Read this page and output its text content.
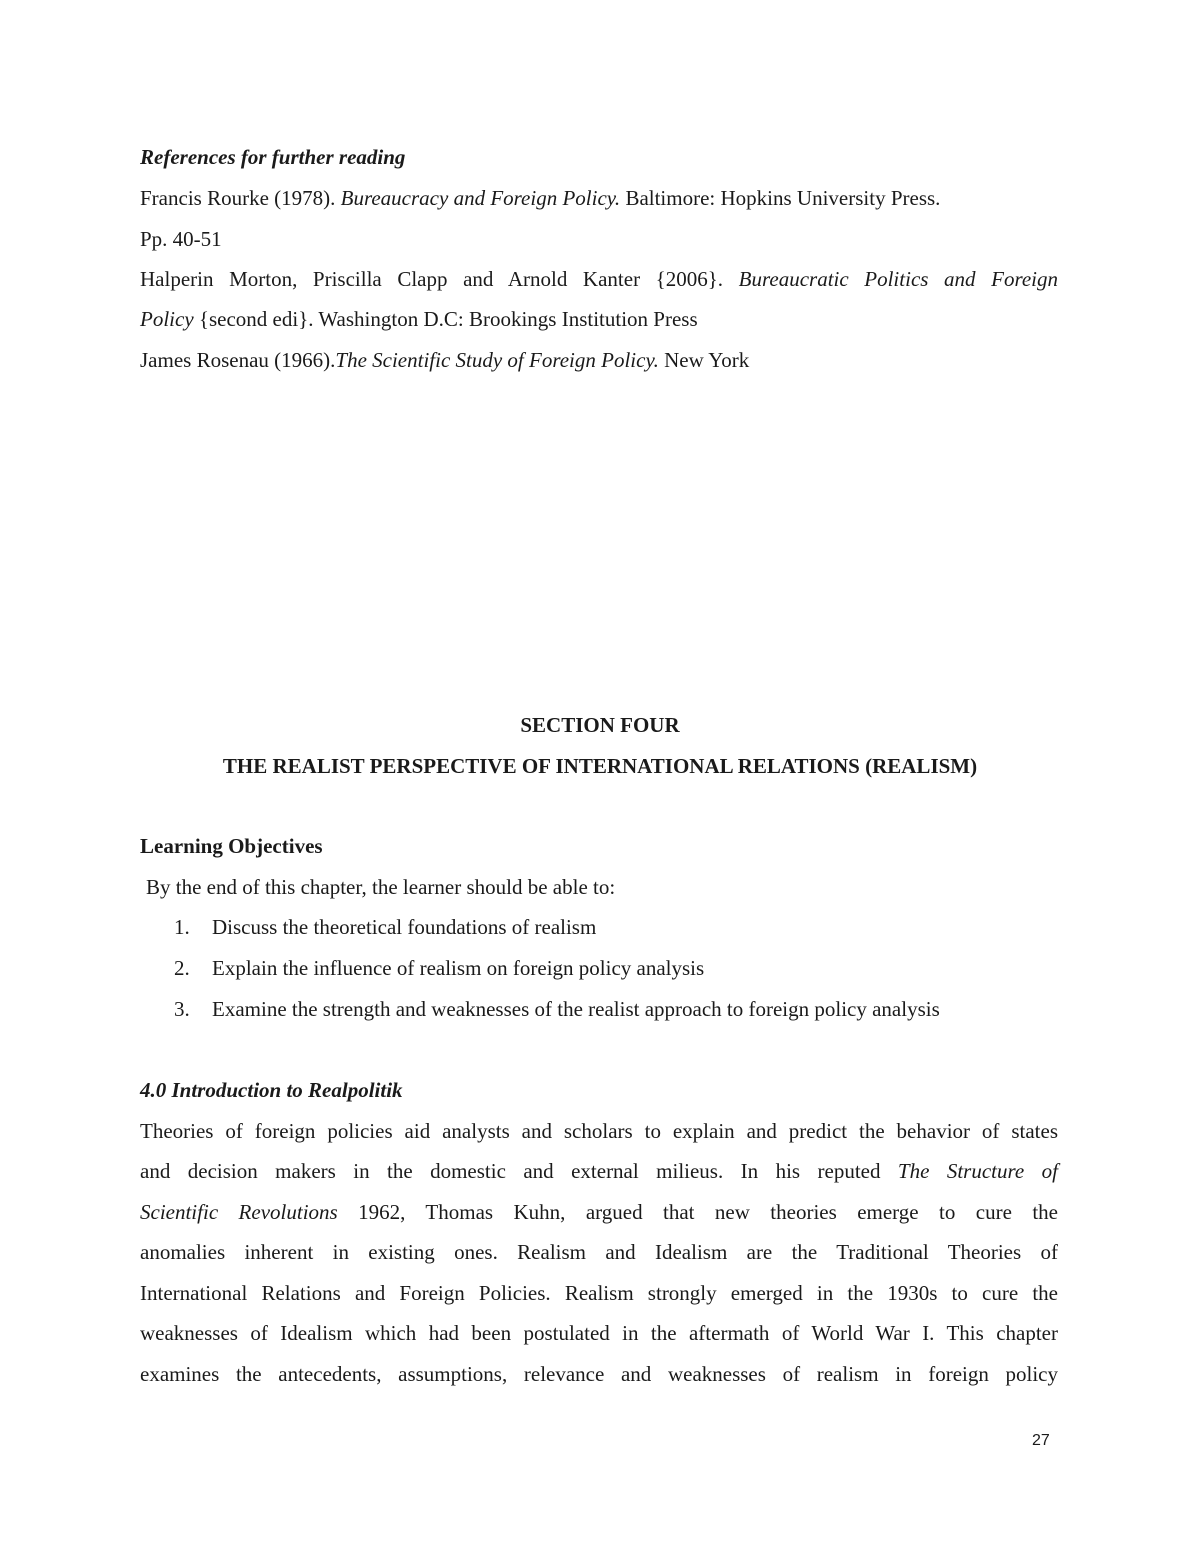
References for further reading
Francis Rourke (1978). Bureaucracy and Foreign Policy. Baltimore: Hopkins University Press.
Pp. 40-51
Halperin Morton, Priscilla Clapp and Arnold Kanter {2006}. Bureaucratic Politics and Foreign
Policy {second edi}. Washington D.C: Brookings Institution Press
James Rosenau (1966).The Scientific Study of Foreign Policy. New York
SECTION FOUR
THE REALIST PERSPECTIVE OF INTERNATIONAL RELATIONS (REALISM)
Learning Objectives
By the end of this chapter, the learner should be able to:
1. Discuss the theoretical foundations of realism
2. Explain the influence of realism on foreign policy analysis
3. Examine the strength and weaknesses of the realist approach to foreign policy analysis
4.0 Introduction to Realpolitik
Theories of foreign policies aid analysts and scholars to explain and predict the behavior of states
and decision makers in the domestic and external milieus. In his reputed The Structure of
Scientific Revolutions 1962, Thomas Kuhn, argued that new theories emerge to cure the
anomalies inherent in existing ones. Realism and Idealism are the Traditional Theories of
International Relations and Foreign Policies. Realism strongly emerged in the 1930s to cure the
weaknesses of Idealism which had been postulated in the aftermath of World War I. This chapter
examines the antecedents, assumptions, relevance and weaknesses of realism in foreign policy
27
